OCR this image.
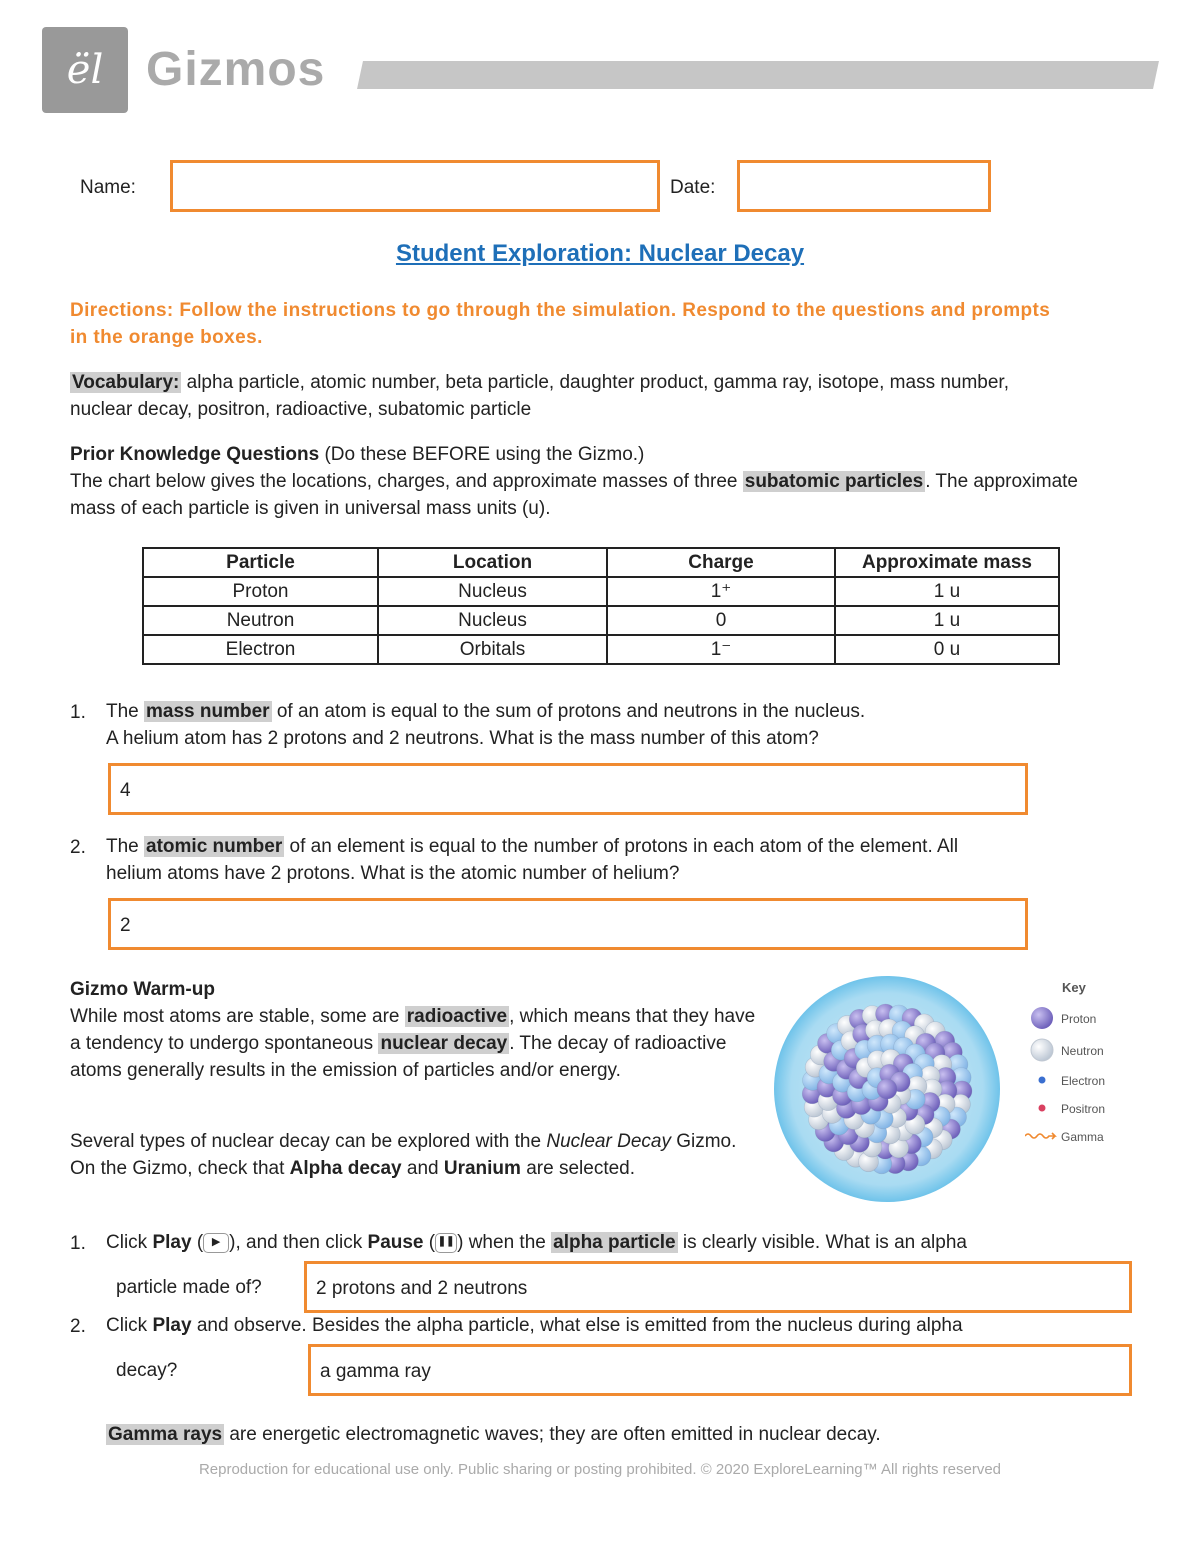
ël Gizmos
Name:	Date:
Student Exploration: Nuclear Decay
Directions: Follow the instructions to go through the simulation. Respond to the questions and prompts in the orange boxes.

Vocabulary: alpha particle, atomic number, beta particle, daughter product, gamma ray, isotope, mass number, nuclear decay, positron, radioactive, subatomic particle

Prior Knowledge Questions (Do these BEFORE using the Gizmo.)
The chart below gives the locations, charges, and approximate masses of three subatomic particles . The approximate mass of each particle is given in universal mass units (u).

Particle	Location	Charge	Approximate mass
Proton	Nucleus	1⁺	1 u
Neutron	Nucleus	0	1 u
Electron	Orbitals	1⁻	0 u
1. The mass number of an atom is equal to the sum of protons and neutrons in the nucleus.
A helium atom has 2 protons and 2 neutrons. What is the mass number of this atom?

4
2. The atomic number of an element is equal to the number of protons in each atom of the element. All
helium atoms have 2 protons. What is the atomic number of helium?

2

Gizmo Warm-up
While most atoms are stable, some are radioactive , which means that they have a tendency to undergo spontaneous nuclear decay . The decay of radioactive atoms generally results in the emission of particles and/or energy.

Several types of nuclear decay can be explored with the Nuclear Decay Gizmo. On the Gizmo, check that Alpha decay and Uranium are selected.

Key
Proton
Neutron
Electron
Positron
Gamma
1. Click Play ( ▶ ), and then click Pause ( ❚❚ ) when the alpha particle is clearly visible. What is an alpha

particle made of?	2 protons and 2 neutrons
2. Click Play and observe. Besides the alpha particle, what else is emitted from the nucleus during alpha

decay?	a gamma ray

Gamma rays are energetic electromagnetic waves; they are often emitted in nuclear decay.

Reproduction for educational use only. Public sharing or posting prohibited. © 2020 ExploreLearning™ All rights reserved
